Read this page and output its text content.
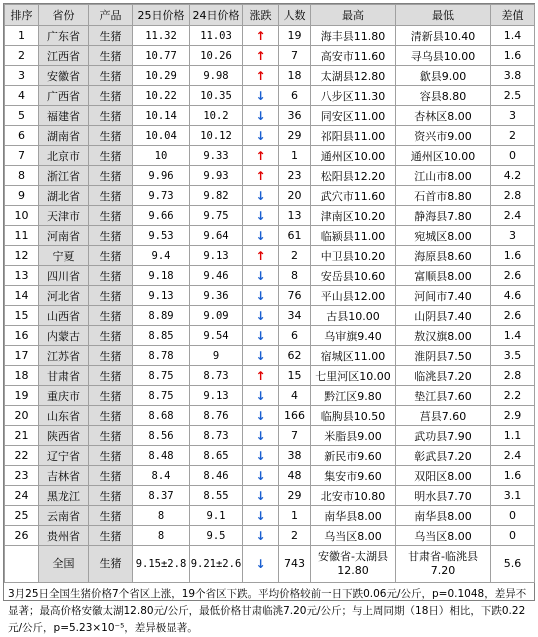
排序	省份	产品	25日价格	24日价格	涨跌	人数	最高	最低	差值
1	广东省	生猪	11.32	11.03	↑	19	海丰县11.80	清新县10.40	1.4
2	江西省	生猪	10.77	10.26	↑	7	高安市11.60	寻乌县10.00	1.6
3	安徽省	生猪	10.29	9.98	↑	18	太湖县12.80	歙县9.00	3.8
4	广西省	生猪	10.22	10.35	↓	6	八步区11.30	容县8.80	2.5
5	福建省	生猪	10.14	10.2	↓	36	同安区11.00	杏林区8.00	3
6	湖南省	生猪	10.04	10.12	↓	29	祁阳县11.00	资兴市9.00	2
7	北京市	生猪	10	9.33	↑	1	通州区10.00	通州区10.00	0
8	浙江省	生猪	9.96	9.93	↑	23	松阳县12.20	江山市8.00	4.2
9	湖北省	生猪	9.73	9.82	↓	20	武穴市11.60	石首市8.80	2.8
10	天津市	生猪	9.66	9.75	↓	13	津南区10.20	静海县7.80	2.4
11	河南省	生猪	9.53	9.64	↓	61	临颍县11.00	宛城区8.00	3
12	宁夏	生猪	9.4	9.13	↑	2	中卫县10.20	海原县8.60	1.6
13	四川省	生猪	9.18	9.46	↓	8	安岳县10.60	富顺县8.00	2.6
14	河北省	生猪	9.13	9.36	↓	76	平山县12.00	河间市7.40	4.6
15	山西省	生猪	8.89	9.09	↓	34	古县10.00	山阴县7.40	2.6
16	内蒙古	生猪	8.85	9.54	↓	6	乌审旗9.40	敖汉旗8.00	1.4
17	江苏省	生猪	8.78	9	↓	62	宿城区11.00	淮阴县7.50	3.5
18	甘肃省	生猪	8.75	8.73	↑	15	七里河区10.00	临洮县7.20	2.8
19	重庆市	生猪	8.75	9.13	↓	4	黔江区9.80	垫江县7.60	2.2
20	山东省	生猪	8.68	8.76	↓	166	临朐县10.50	莒县7.60	2.9
21	陕西省	生猪	8.56	8.73	↓	7	米脂县9.00	武功县7.90	1.1
22	辽宁省	生猪	8.48	8.65	↓	38	新民市9.60	彰武县7.20	2.4
23	吉林省	生猪	8.4	8.46	↓	48	集安市9.60	双阳区8.00	1.6
24	黑龙江	生猪	8.37	8.55	↓	29	北安市10.80	明水县7.70	3.1
25	云南省	生猪	8	9.1	↓	1	南华县8.00	南华县8.00	0
26	贵州省	生猪	8	9.5	↓	2	乌当区8.00	乌当区8.00	0
	全国	生猪	9.15±2.8	9.21±2.6	↓	743	安徽省-太湖县12.80	甘肃省-临洮县7.20	5.6
3月25日全国生猪价格7个省区上涨，19个省区下跌。平均价格较前一日下跌0.06元/公斤，p=0.1048，差异不显著；最高价格安徽太湖12.80元/公斤，最低价格甘肃临洮7.20元/公斤；与上周同期（18日）相比，下跌0.22元/公斤，p=5.23×10⁻⁵，差异极显著。
